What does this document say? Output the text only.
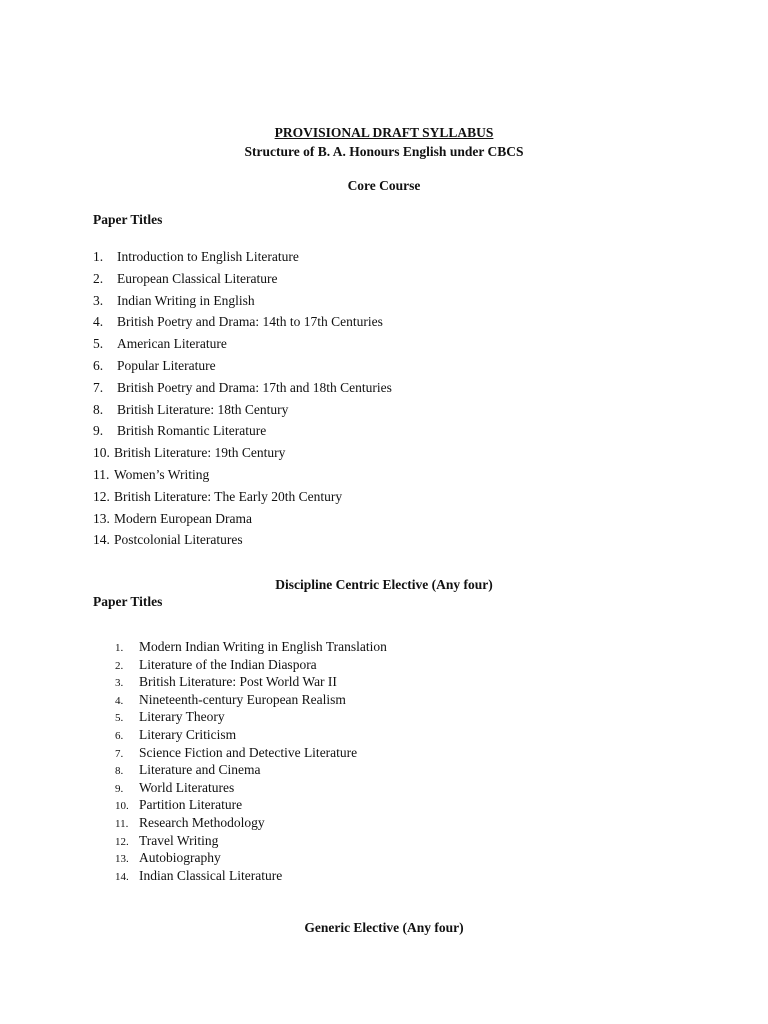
PROVISIONAL DRAFT SYLLABUS
Structure of B. A. Honours English under CBCS
Core Course
Paper Titles
1. Introduction to English Literature
2. European Classical Literature
3. Indian Writing in English
4. British Poetry and Drama: 14th to 17th Centuries
5. American Literature
6. Popular Literature
7. British Poetry and Drama: 17th and 18th Centuries
8. British Literature: 18th Century
9. British Romantic Literature
10. British Literature: 19th Century
11. Women’s Writing
12. British Literature: The Early 20th Century
13. Modern European Drama
14. Postcolonial Literatures
Discipline Centric Elective (Any four)
Paper Titles
1. Modern Indian Writing in English Translation
2. Literature of the Indian Diaspora
3. British Literature: Post World War II
4. Nineteenth-century European Realism
5. Literary Theory
6. Literary Criticism
7. Science Fiction and Detective Literature
8. Literature and Cinema
9. World Literatures
10. Partition Literature
11. Research Methodology
12. Travel Writing
13. Autobiography
14. Indian Classical Literature
Generic Elective (Any four)
